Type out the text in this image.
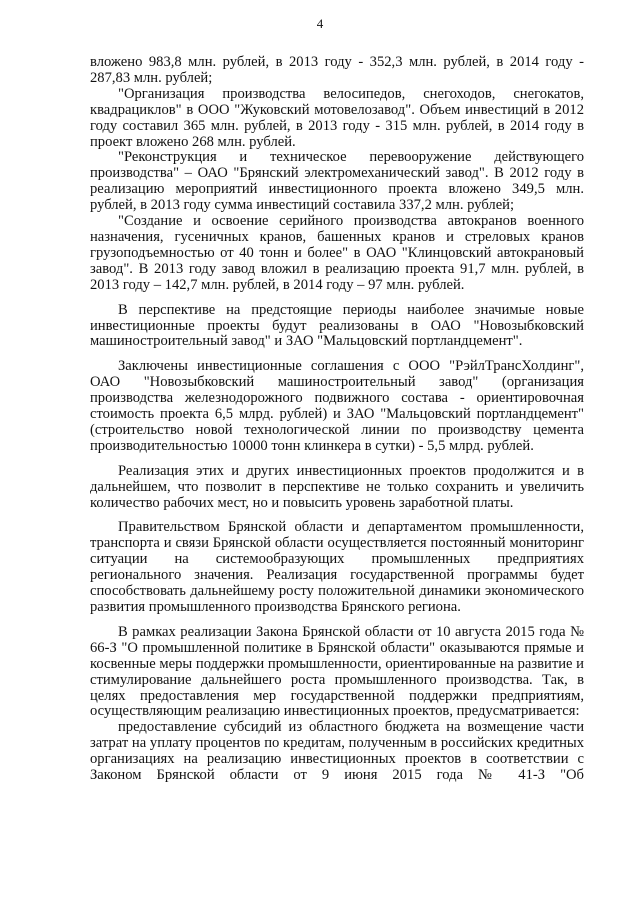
4

вложено 983,8 млн. рублей, в 2013 году - 352,3 млн. рублей, в 2014 году - 287,83 млн. рублей;

"Организация производства велосипедов, снегоходов, снегокатов, квадрациклов" в ООО "Жуковский мотовелозавод". Объем инвестиций в 2012 году составил 365 млн. рублей, в 2013 году - 315 млн. рублей, в 2014 году в проект вложено 268 млн. рублей.

"Реконструкция и техническое перевооружение действующего производства" – ОАО "Брянский электромеханический завод". В 2012 году в реализацию мероприятий инвестиционного проекта вложено 349,5 млн. рублей, в 2013 году сумма инвестиций составила 337,2 млн. рублей;

"Создание и освоение серийного производства автокранов военного назначения, гусеничных кранов, башенных кранов и стреловых кранов грузоподъемностью от 40 тонн и более" в ОАО "Клинцовский автокрановый завод". В 2013 году завод вложил в реализацию проекта 91,7 млн. рублей, в 2013 году – 142,7 млн. рублей, в 2014 году – 97 млн. рублей.

В перспективе на предстоящие периоды наиболее значимые новые инвестиционные проекты будут реализованы в ОАО "Новозыбковский машиностроительный завод" и ЗАО "Мальцовский портландцемент".

Заключены инвестиционные соглашения с ООО "РэйлТрансХолдинг", ОАО "Новозыбковский машиностроительный завод" (организация производства железнодорожного подвижного состава - ориентировочная стоимость проекта 6,5 млрд. рублей) и ЗАО "Мальцовский портландцемент" (строительство новой технологической линии по производству цемента производительностью 10000 тонн клинкера в сутки) - 5,5 млрд. рублей.

Реализация этих и других инвестиционных проектов продолжится и в дальнейшем, что позволит в перспективе не только сохранить и увеличить количество рабочих мест, но и повысить уровень заработной платы.

Правительством Брянской области и департаментом промышленности, транспорта и связи Брянской области осуществляется постоянный мониторинг ситуации на системообразующих промышленных предприятиях регионального значения. Реализация государственной программы будет способствовать дальнейшему росту положительной динамики экономического развития промышленного производства Брянского региона.

В рамках реализации Закона Брянской области от 10 августа 2015 года № 66-З "О промышленной политике в Брянской области" оказываются прямые и косвенные меры поддержки промышленности, ориентированные на развитие и стимулирование дальнейшего роста промышленного производства. Так, в целях предоставления мер государственной поддержки предприятиям, осуществляющим реализацию инвестиционных проектов, предусматривается:

предоставление субсидий из областного бюджета на возмещение части затрат на уплату процентов по кредитам, полученным в российских кредитных организациях на реализацию инвестиционных проектов в соответствии с Законом Брянской области от 9 июня 2015 года № 41-З "Об
